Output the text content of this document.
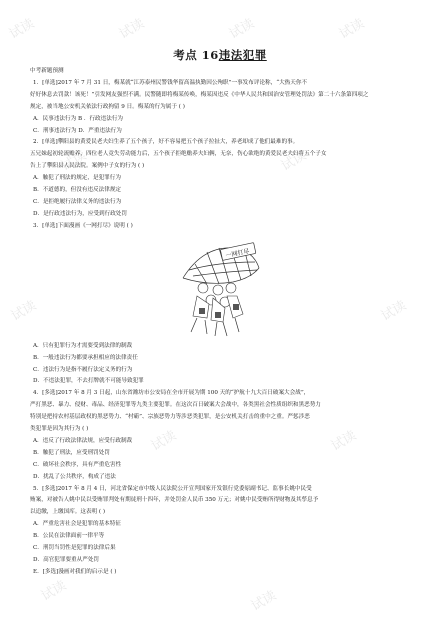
试读	试读	试读	试读
试读	试读
试读	试读
试读	试读
试读	试读
考点 16违法犯罪
中考新题预测
1．[单选]2017 年 7 月 31 日，梅某就“江苏泰州民警钱华留高温执勤因公殉职”一事发布评论称，“大热天你不
好好休息去罚款！该死！”引发网友强烈不满。民警随即将梅某传唤，梅某因违反《中华人民共和国治安管理处罚法》第二十六条第四项之
规定，被当地公安机关依法行政拘留 9 日。梅某的行为属于 ( )
A．民事违法行为 B ．行政违法行为
C．刑事违法行为 D．严重违法行为
2．[单选]攀阳县的黄爱民老夫妇生养了五个孩子，好不容易把五个孩子拉扯大，养老却成了他们最难的事。
五兄妹起初轮流赡养，四位老人竟失劳动能力后，五个孩子拒绝赡养夫妇俩，无奈，伤心欲绝的黄爱民老夫妇将五个子女
告上了攀阳县人民法院。案例中子女的行为 ( )
A．触犯了刑法的规定，是犯罪行为
B．不道德的，但没有违反法律规定
C．是拒绝履行法律义务的违法行为
D．是行政违法行为，应受到行政处罚
3．[单选]下面漫画《一网打尽》说明 ( )
一网打尽
A．只有犯罪行为才需要受到法律的制裁
B．一般违法行为都要承担相应的法律责任
C．违法行为是指不履行法定义务的行为
D．不违法犯罪，不去打牌就不可能导致犯罪
4．[多选]2017 年 8 月 3 日起，山东省潍坊市公安局在全市开展为期 100 天的“护航十九大百日破案大会战”，
严打黑恶、暴力、侵财、毒品、经济犯罪等九类主要犯罪。在这次百日破案大会战中，各类黑社会性质组织和黑恶势力
特别是把持农村基层政权的黑恶势力、“村霸”、宗族恶势力等涉恶类犯罪，是公安机关打击的重中之重。严惩涉恶
类犯罪是因为其行为 ( )
A．违反了行政法律法规，应受行政制裁
B．触犯了刑法，应受刑罚处罚
C．破坏社会秩序，具有严重危害性
D．扰乱了公共秩序，构成了违法
5．[多选]2017 年 8 月 4 日，河北省保定市中级人民法院公开宣判国家开发银行党委原副书记、监事长姚中民受
贿案，对被告人姚中民以受贿罪判处有期徒刑十四年，并处罚金人民币 350 万元；对姚中民受贿所得财物及其孳息予
以追缴，上缴国库。这表明 ( )
A．严重危害社会是犯罪的基本特征
B．公民在法律面前一律平等
C．刑罚当罚性是犯罪的法律后果
D．高官犯罪要重从严处罚
E．[多选]漫画对我们的启示是 ( )
